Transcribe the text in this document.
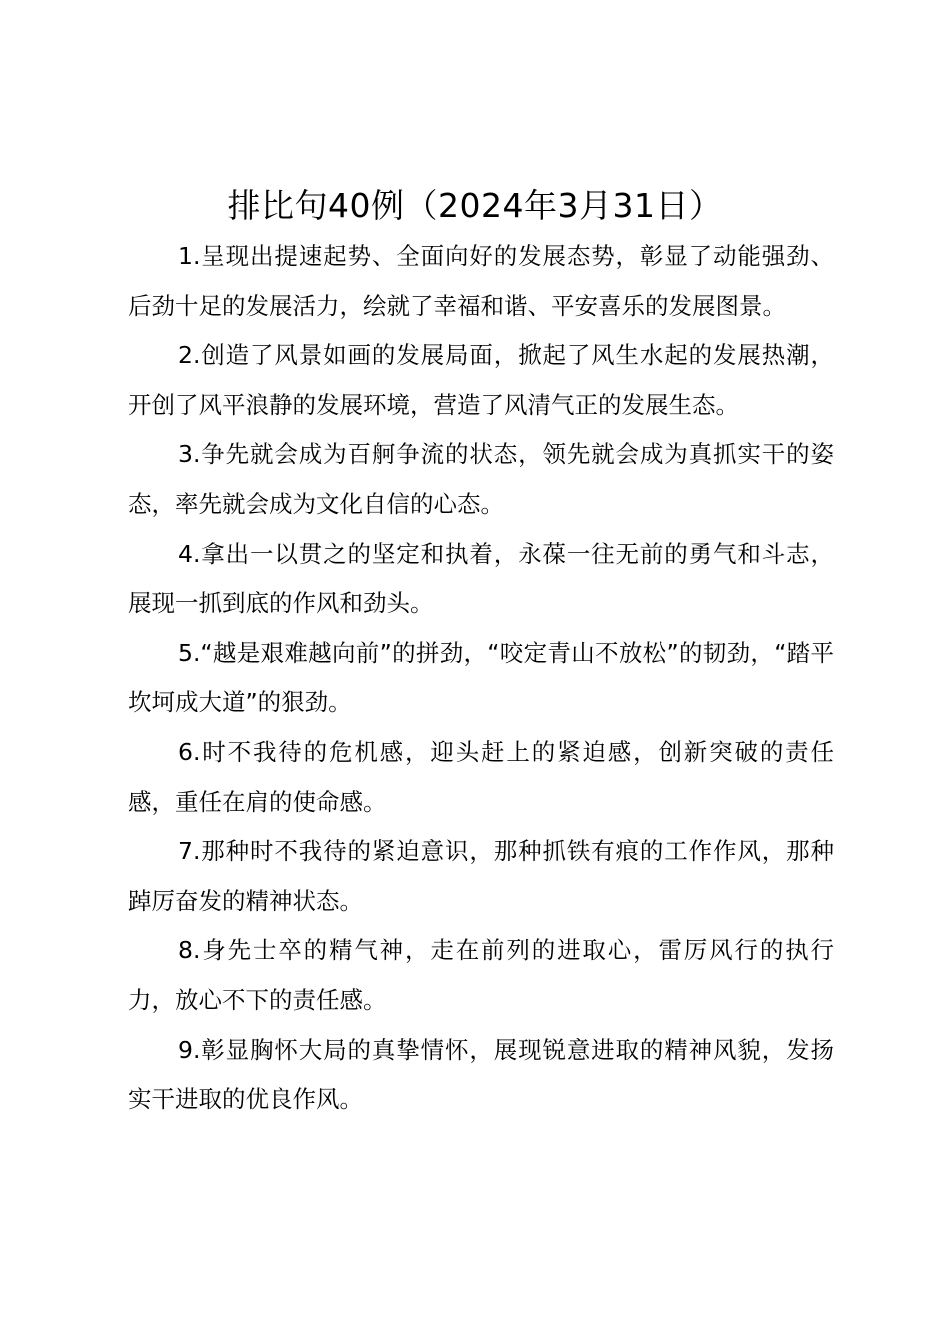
排比句40例（2024年3月31日）

1.呈现出提速起势、全面向好的发展态势，彰显了动能强劲、后劲十足的发展活力，绘就了幸福和谐、平安喜乐的发展图景。

2.创造了风景如画的发展局面，掀起了风生水起的发展热潮，开创了风平浪静的发展环境，营造了风清气正的发展生态。

3.争先就会成为百舸争流的状态，领先就会成为真抓实干的姿态，率先就会成为文化自信的心态。

4.拿出一以贯之的坚定和执着，永葆一往无前的勇气和斗志，展现一抓到底的作风和劲头。

5.“越是艰难越向前”的拼劲，“咬定青山不放松”的韧劲，“踏平坎坷成大道”的狠劲。

6.时不我待的危机感，迎头赶上的紧迫感，创新突破的责任感，重任在肩的使命感。

7.那种时不我待的紧迫意识，那种抓铁有痕的工作作风，那种踔厉奋发的精神状态。

8.身先士卒的精气神，走在前列的进取心，雷厉风行的执行力，放心不下的责任感。

9.彰显胸怀大局的真挚情怀，展现锐意进取的精神风貌，发扬实干进取的优良作风。
